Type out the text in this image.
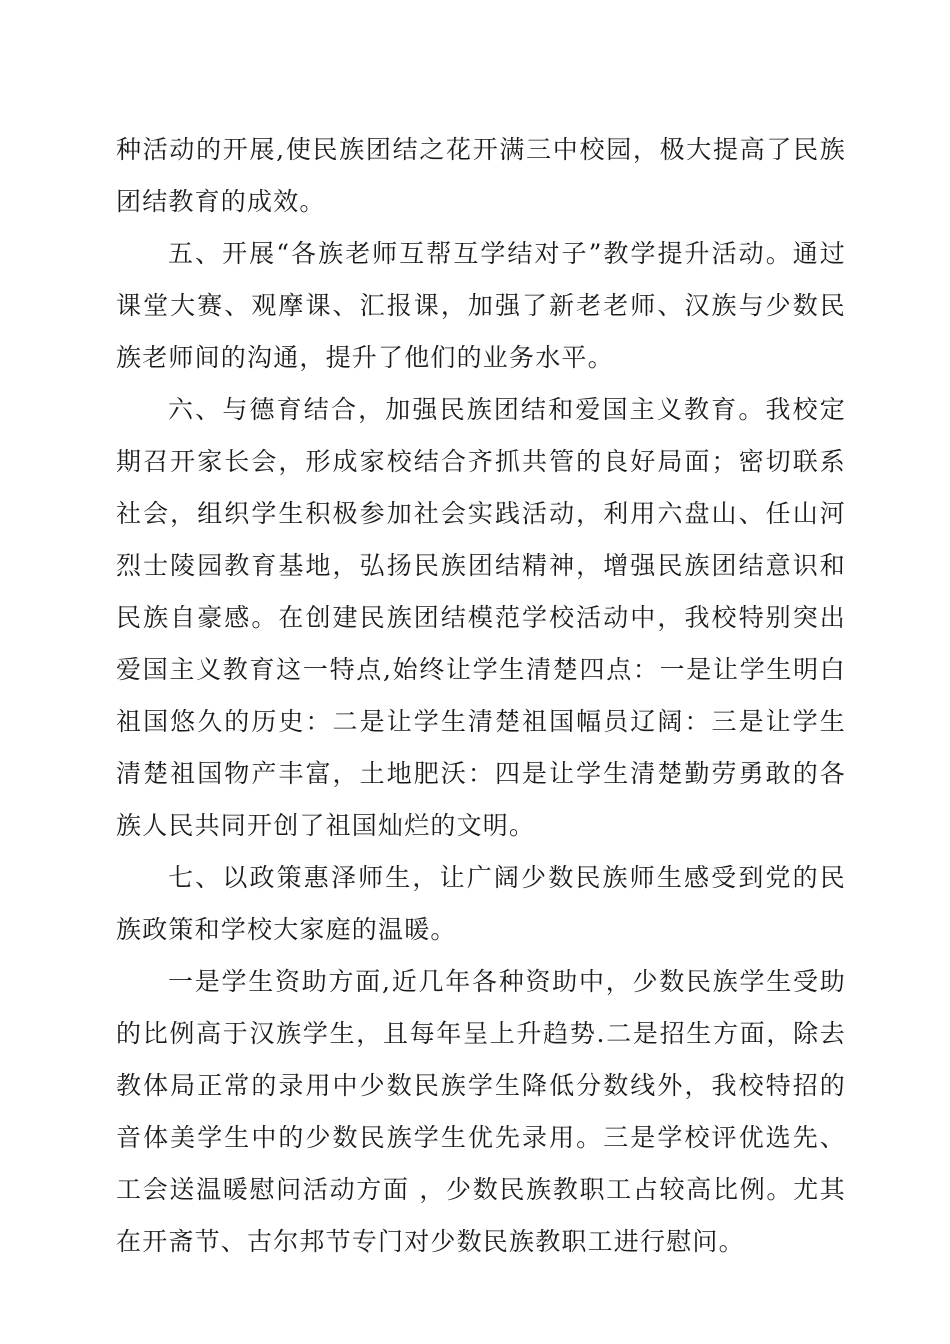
种活动的开展,使民族团结之花开满三中校园，极大提高了民族团结教育的成效。

五、开展“各族老师互帮互学结对子”教学提升活动。通过课堂大赛、观摩课、汇报课，加强了新老老师、汉族与少数民族老师间的沟通，提升了他们的业务水平。

六、与德育结合，加强民族团结和爱国主义教育。我校定期召开家长会，形成家校结合齐抓共管的良好局面；密切联系社会，组织学生积极参加社会实践活动，利用六盘山、任山河烈士陵园教育基地，弘扬民族团结精神，增强民族团结意识和民族自豪感。在创建民族团结模范学校活动中，我校特别突出爱国主义教育这一特点,始终让学生清楚四点：一是让学生明白祖国悠久的历史：二是让学生清楚祖国幅员辽阔：三是让学生清楚祖国物产丰富，土地肥沃：四是让学生清楚勤劳勇敢的各族人民共同开创了祖国灿烂的文明。

七、以政策惠泽师生，让广阔少数民族师生感受到党的民族政策和学校大家庭的温暖。

一是学生资助方面,近几年各种资助中，少数民族学生受助的比例高于汉族学生，且每年呈上升趋势.二是招生方面，除去教体局正常的录用中少数民族学生降低分数线外，我校特招的音体美学生中的少数民族学生优先录用。三是学校评优选先、工会送温暖慰问活动方面 ，少数民族教职工占较高比例。尤其在开斋节、古尔邦节专门对少数民族教职工进行慰问。
